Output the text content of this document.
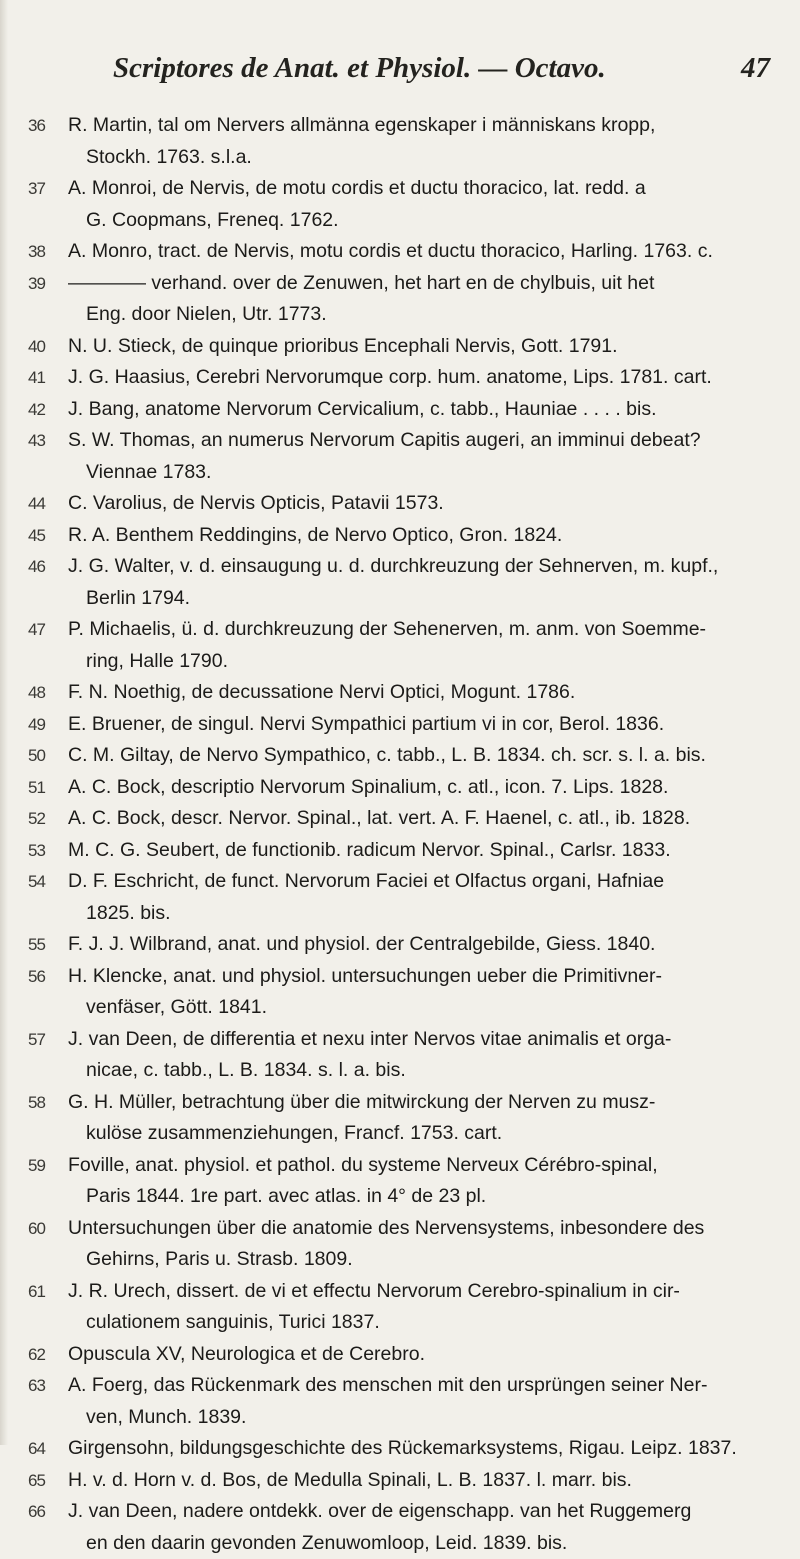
Scriptores de Anat. et Physiol. — Octavo.	47
36	R. Martin, tal om Nervers allmänna egenskaper i människans kropp,
Stockh. 1763. s.l.a.
37	A. Monroi, de Nervis, de motu cordis et ductu thoracico, lat. redd. a
G. Coopmans, Freneq. 1762.
38	A. Monro, tract. de Nervis, motu cordis et ductu thoracico, Harling. 1763. c.
39	———— verhand. over de Zenuwen, het hart en de chylbuis, uit het
Eng. door Nielen, Utr. 1773.
40	N. U. Stieck, de quinque prioribus Encephali Nervis, Gott. 1791.
41	J. G. Haasius, Cerebri Nervorumque corp. hum. anatome, Lips. 1781. cart.
42	J. Bang, anatome Nervorum Cervicalium, c. tabb., Hauniae . . . . bis.
43	S. W. Thomas, an numerus Nervorum Capitis augeri, an imminui debeat?
Viennae 1783.
44	C. Varolius, de Nervis Opticis, Patavii 1573.
45	R. A. Benthem Reddingins, de Nervo Optico, Gron. 1824.
46	J. G. Walter, v. d. einsaugung u. d. durchkreuzung der Sehnerven, m. kupf.,
Berlin 1794.
47	P. Michaelis, ü. d. durchkreuzung der Sehenerven, m. anm. von Soemme-
ring, Halle 1790.
48	F. N. Noethig, de decussatione Nervi Optici, Mogunt. 1786.
49	E. Bruener, de singul. Nervi Sympathici partium vi in cor, Berol. 1836.
50	C. M. Giltay, de Nervo Sympathico, c. tabb., L. B. 1834. ch. scr. s. l. a. bis.
51	A. C. Bock, descriptio Nervorum Spinalium, c. atl., icon. 7. Lips. 1828.
52	A. C. Bock, descr. Nervor. Spinal., lat. vert. A. F. Haenel, c. atl., ib. 1828.
53	M. C. G. Seubert, de functionib. radicum Nervor. Spinal., Carlsr. 1833.
54	D. F. Eschricht, de funct. Nervorum Faciei et Olfactus organi, Hafniae
1825. bis.
55	F. J. J. Wilbrand, anat. und physiol. der Centralgebilde, Giess. 1840.
56	H. Klencke, anat. und physiol. untersuchungen ueber die Primitivner-
venfäser, Gött. 1841.
57	J. van Deen, de differentia et nexu inter Nervos vitae animalis et orga-
nicae, c. tabb., L. B. 1834. s. l. a. bis.
58	G. H. Müller, betrachtung über die mitwirckung der Nerven zu musz-
kulöse zusammenziehungen, Francf. 1753. cart.
59	Foville, anat. physiol. et pathol. du systeme Nerveux Cérébro-spinal,
Paris 1844. 1re part. avec atlas. in 4° de 23 pl.
60	Untersuchungen über die anatomie des Nervensystems, inbesondere des
Gehirns, Paris u. Strasb. 1809.
61	J. R. Urech, dissert. de vi et effectu Nervorum Cerebro-spinalium in cir-
culationem sanguinis, Turici 1837.
62	Opuscula XV, Neurologica et de Cerebro.
63	A. Foerg, das Rückenmark des menschen mit den ursprüngen seiner Ner-
ven, Munch. 1839.
64	Girgensohn, bildungsgeschichte des Rückemarksystems, Rigau. Leipz. 1837.
65	H. v. d. Horn v. d. Bos, de Medulla Spinali, L. B. 1837. l. marr. bis.
66	J. van Deen, nadere ontdekk. over de eigenschapp. van het Ruggemerg
en den daarin gevonden Zenuwomloop, Leid. 1839. bis.
